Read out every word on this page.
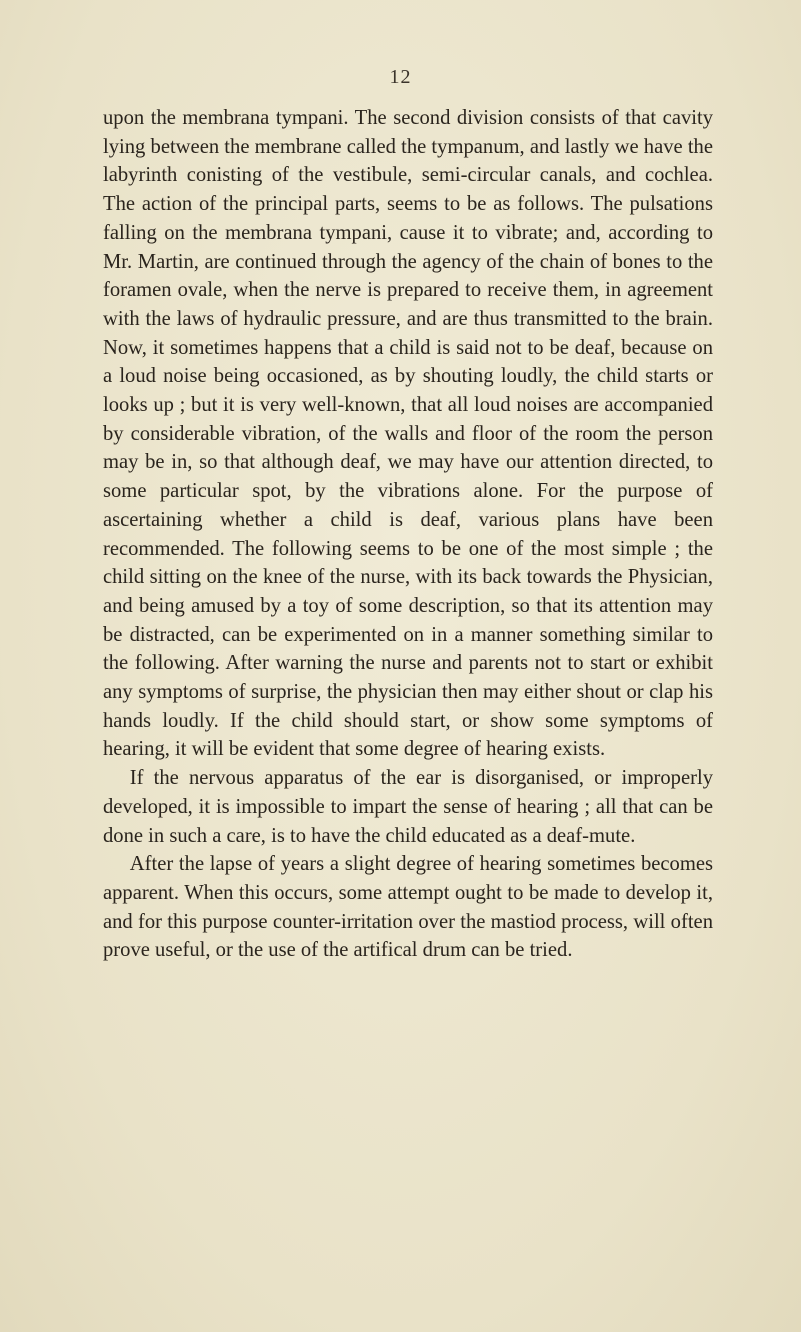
12

upon the membrana tympani. The second division consists of that cavity lying between the membrane called the tympanum, and lastly we have the labyrinth conisting of the vestibule, semi-circular canals, and cochlea. The action of the principal parts, seems to be as follows. The pulsations falling on the membrana tympani, cause it to vibrate; and, according to Mr. Martin, are continued through the agency of the chain of bones to the foramen ovale, when the nerve is prepared to receive them, in agreement with the laws of hydraulic pressure, and are thus transmitted to the brain. Now, it sometimes happens that a child is said not to be deaf, because on a loud noise being occasioned, as by shouting loudly, the child starts or looks up ; but it is very well-known, that all loud noises are accompanied by considerable vibration, of the walls and floor of the room the person may be in, so that although deaf, we may have our attention directed, to some particular spot, by the vibrations alone. For the purpose of ascertaining whether a child is deaf, various plans have been recommended. The following seems to be one of the most simple ; the child sitting on the knee of the nurse, with its back towards the Physician, and being amused by a toy of some description, so that its attention may be distracted, can be experimented on in a manner something similar to the following. After warning the nurse and parents not to start or exhibit any symptoms of surprise, the physician then may either shout or clap his hands loudly. If the child should start, or show some symptoms of hearing, it will be evident that some degree of hearing exists.

If the nervous apparatus of the ear is disorganised, or improperly developed, it is impossible to impart the sense of hearing ; all that can be done in such a care, is to have the child educated as a deaf-mute.

After the lapse of years a slight degree of hearing sometimes becomes apparent. When this occurs, some attempt ought to be made to develop it, and for this purpose counter-irritation over the mastiod process, will often prove useful, or the use of the artifical drum can be tried.
